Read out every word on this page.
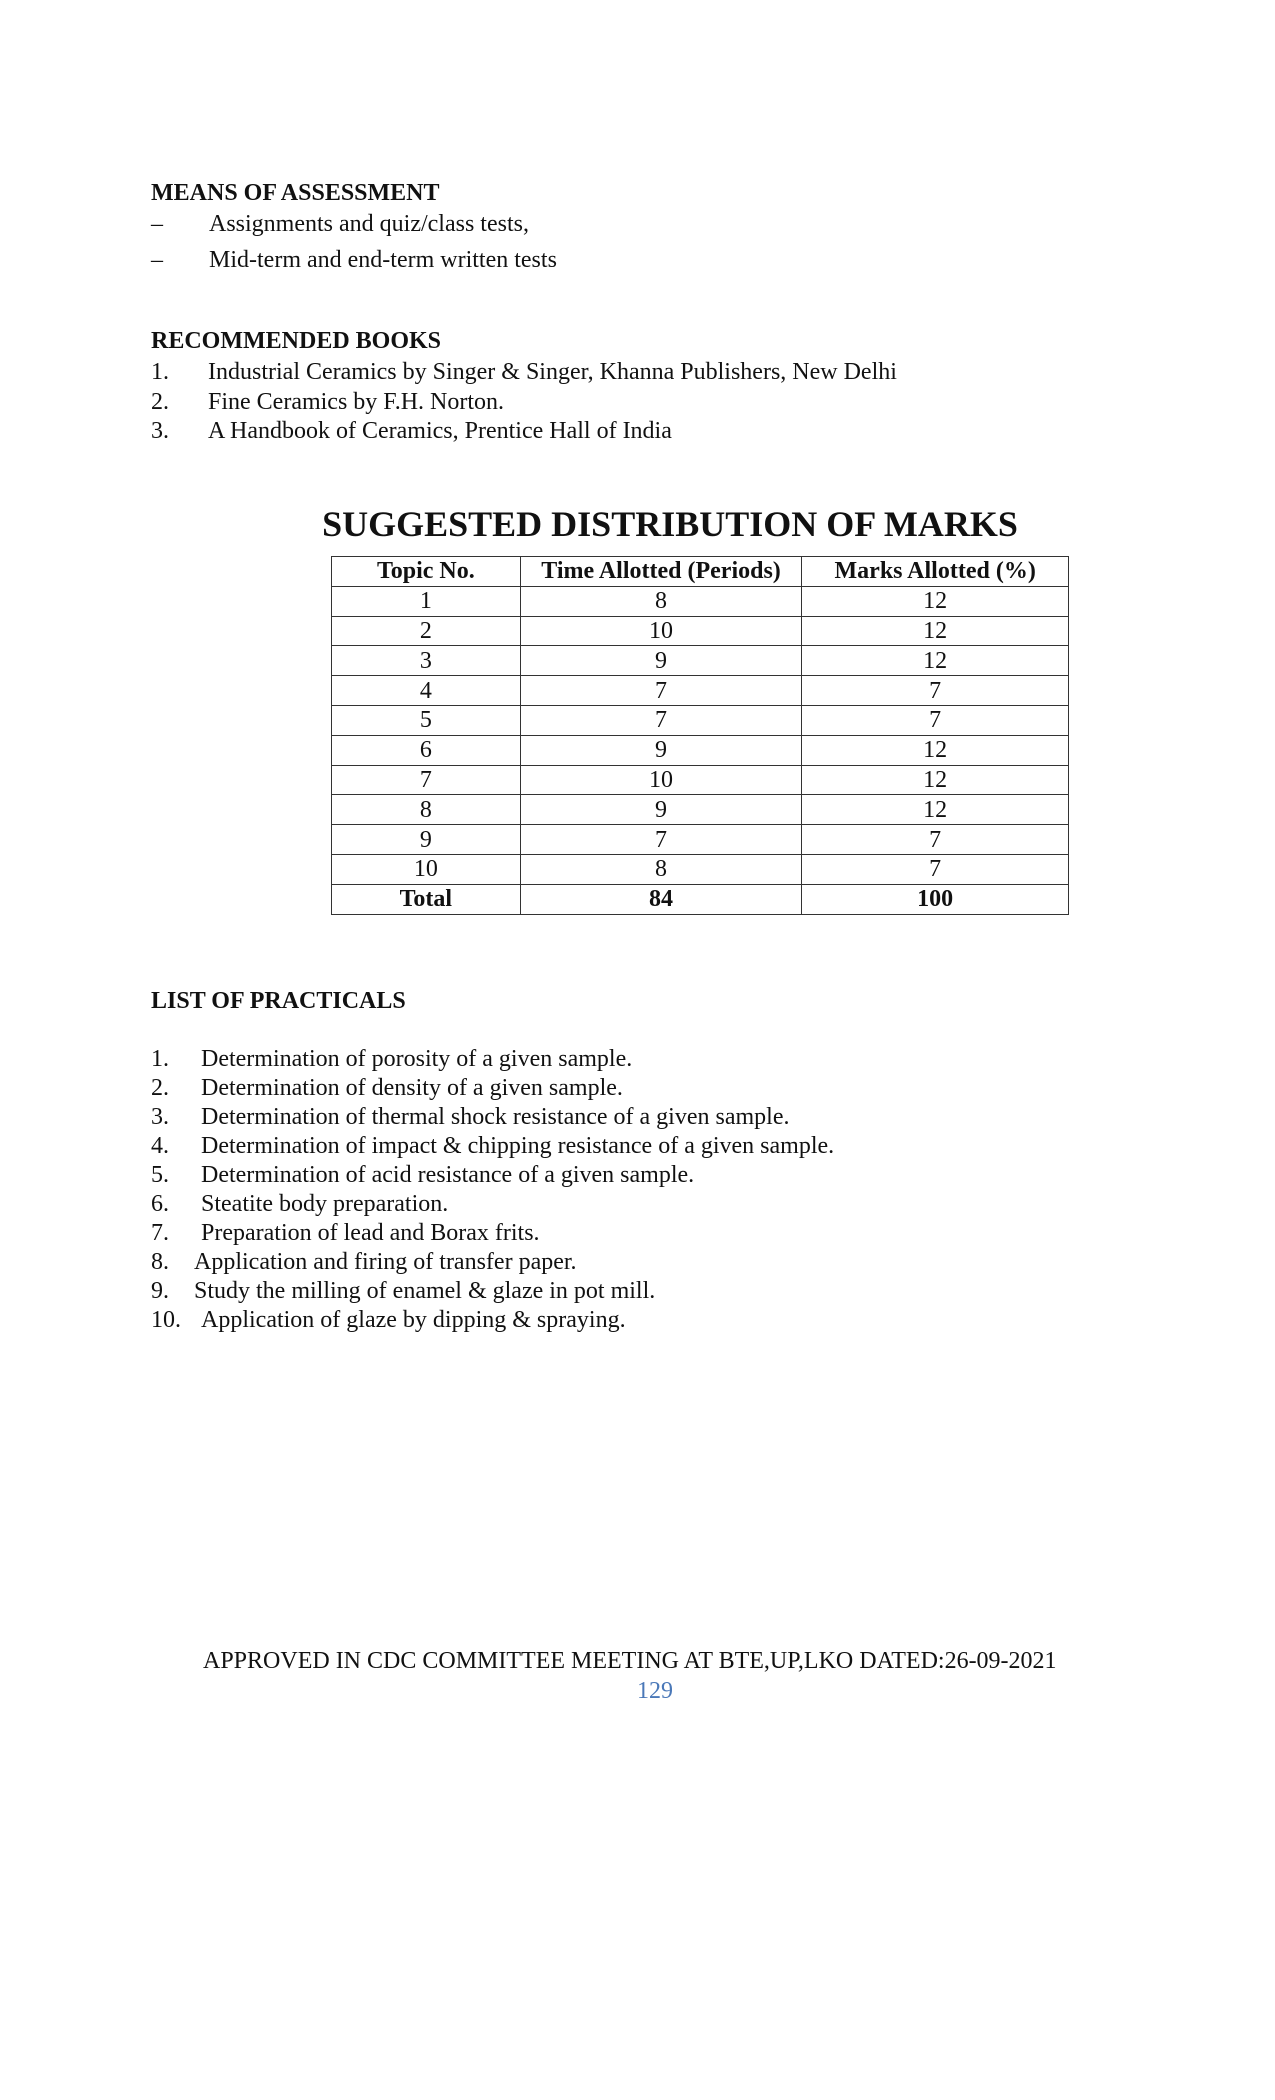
MEANS OF ASSESSMENT
–	Assignments and quiz/class tests,
–	Mid-term and end-term written tests
RECOMMENDED BOOKS
1.	Industrial Ceramics by Singer & Singer, Khanna Publishers, New Delhi
2.	Fine Ceramics by F.H. Norton.
3.	A Handbook of Ceramics, Prentice Hall of India
SUGGESTED DISTRIBUTION OF MARKS
Topic No.	Time Allotted (Periods)	Marks Allotted (%)
1	8	12
2	10	12
3	9	12
4	7	7
5	7	7
6	9	12
7	10	12
8	9	12
9	7	7
10	8	7
Total	84	100
LIST OF PRACTICALS
1.	Determination of porosity of a given sample.
2.	Determination of density of a given sample.
3.	Determination of thermal shock resistance of a given sample.
4.	Determination of impact & chipping resistance of a given sample.
5.	Determination of acid resistance of a given sample.
6.	Steatite body preparation.
7.	Preparation of lead and Borax frits.
8.	Application and firing of transfer paper.
9.	Study the milling of enamel & glaze in pot mill.
10. Application of glaze by dipping & spraying.

APPROVED IN CDC COMMITTEE MEETING AT BTE,UP,LKO DATED:26-09-2021

129
